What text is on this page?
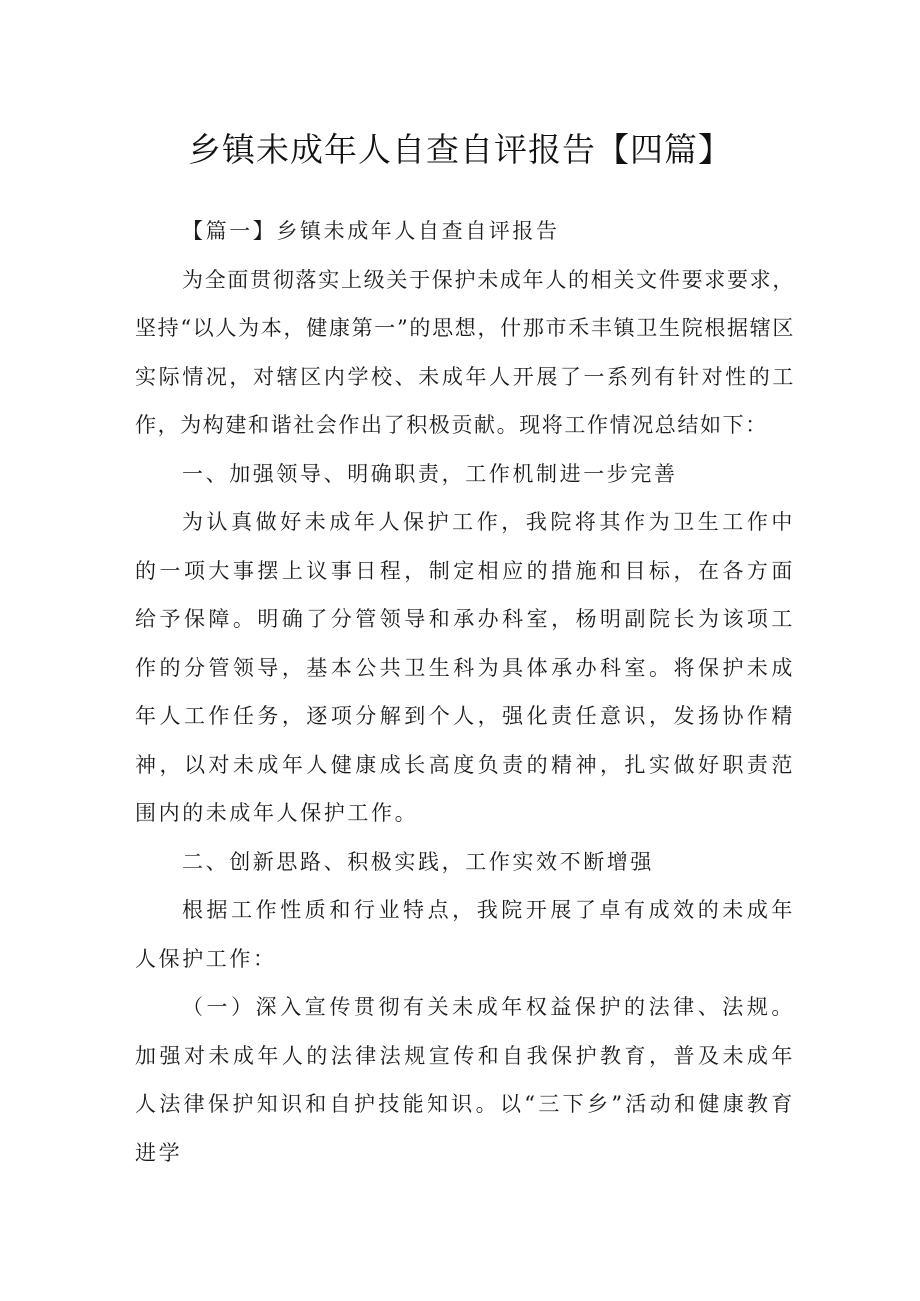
乡镇未成年人自查自评报告【四篇】

【篇一】乡镇未成年人自查自评报告

为全面贯彻落实上级关于保护未成年人的相关文件要求要求，坚持“以人为本，健康第一”的思想，什那市禾丰镇卫生院根据辖区实际情况，对辖区内学校、未成年人开展了一系列有针对性的工作，为构建和谐社会作出了积极贡献。现将工作情况总结如下：

一、加强领导、明确职责，工作机制进一步完善

为认真做好未成年人保护工作，我院将其作为卫生工作中的一项大事摆上议事日程，制定相应的措施和目标，在各方面给予保障。明确了分管领导和承办科室，杨明副院长为该项工作的分管领导，基本公共卫生科为具体承办科室。将保护未成年人工作任务，逐项分解到个人，强化责任意识，发扬协作精神，以对未成年人健康成长高度负责的精神，扎实做好职责范围内的未成年人保护工作。

二、创新思路、积极实践，工作实效不断增强

根据工作性质和行业特点，我院开展了卓有成效的未成年人保护工作：

（一）深入宣传贯彻有关未成年权益保护的法律、法规。加强对未成年人的法律法规宣传和自我保护教育，普及未成年人法律保护知识和自护技能知识。以“三下乡”活动和健康教育进学
